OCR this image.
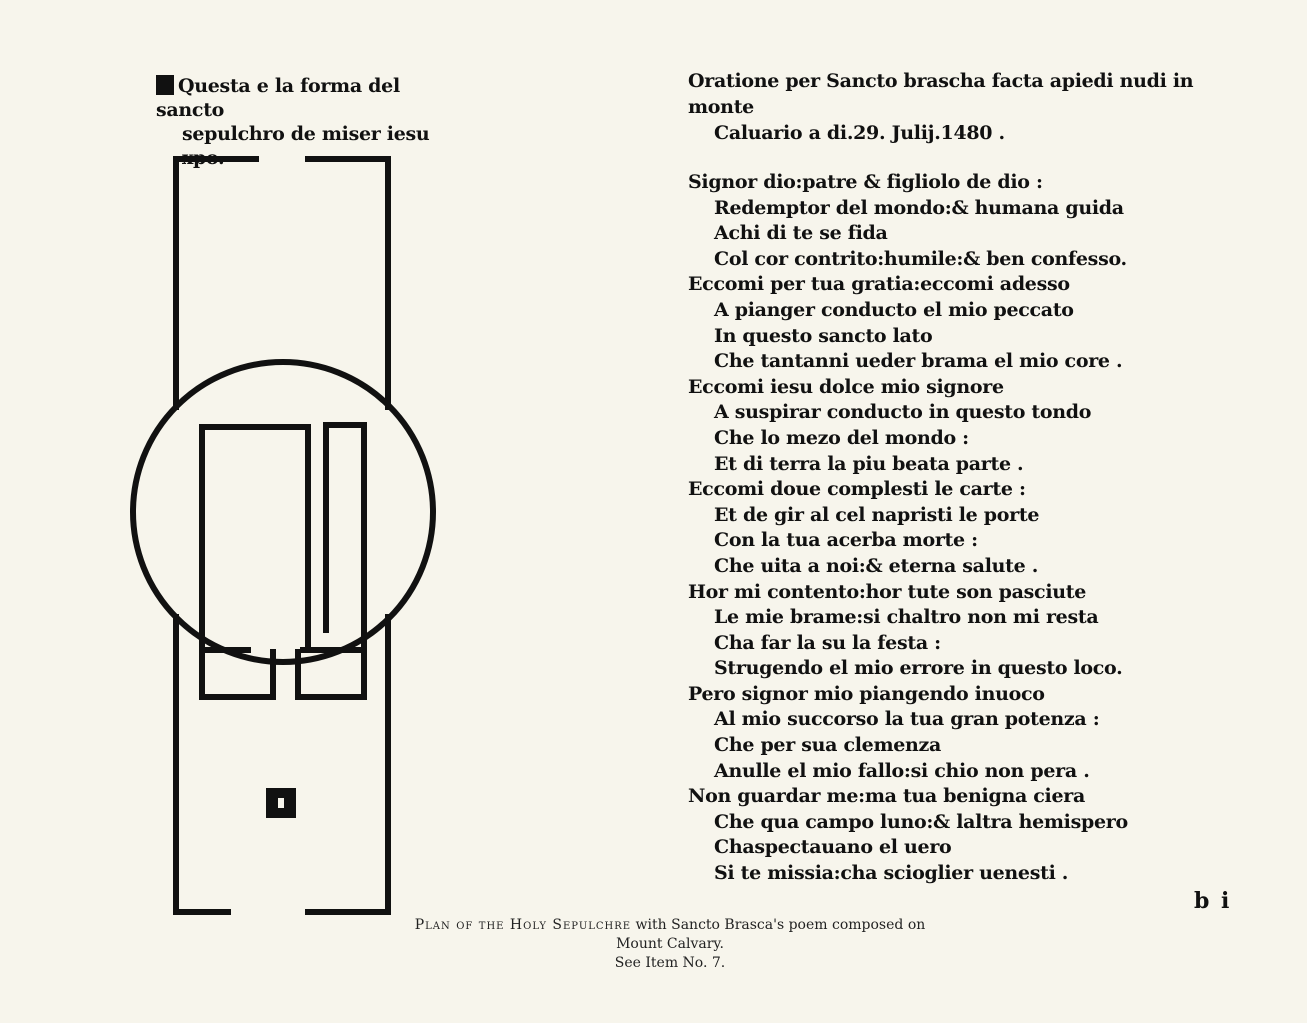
Questa e la forma del sancto
sepulchro de miser iesu xpo.
Oratione per Sancto brascha facta apiedi nudi in monte
Caluario a di.29. Julij.1480 .
Signor dio:patre & figliolo de dio :
Redemptor del mondo:& humana guida
Achi di te se fida
Col cor contrito:humile:& ben confesso.
Eccomi per tua gratia:eccomi adesso
A pianger conducto el mio peccato
In questo sancto lato
Che tantanni ueder brama el mio core .
Eccomi iesu dolce mio signore
A suspirar conducto in questo tondo
Che lo mezo del mondo :
Et di terra la piu beata parte .
Eccomi doue complesti le carte :
Et de gir al cel napristi le porte
Con la tua acerba morte :
Che uita a noi:& eterna salute .
Hor mi contento:hor tute son pasciute
Le mie brame:si chaltro non mi resta
Cha far la su la festa :
Strugendo el mio errore in questo loco.
Pero signor mio piangendo inuoco
Al mio succorso la tua gran potenza :
Che per sua clemenza
Anulle el mio fallo:si chio non pera .
Non guardar me:ma tua benigna ciera
Che qua campo luno:& laltra hemispero
Chaspectauano el uero
Si te missia:cha scioglier uenesti .
b i
Plan of the Holy Sepulchre with Sancto Brasca's poem composed on
Mount Calvary.
See Item No. 7.
